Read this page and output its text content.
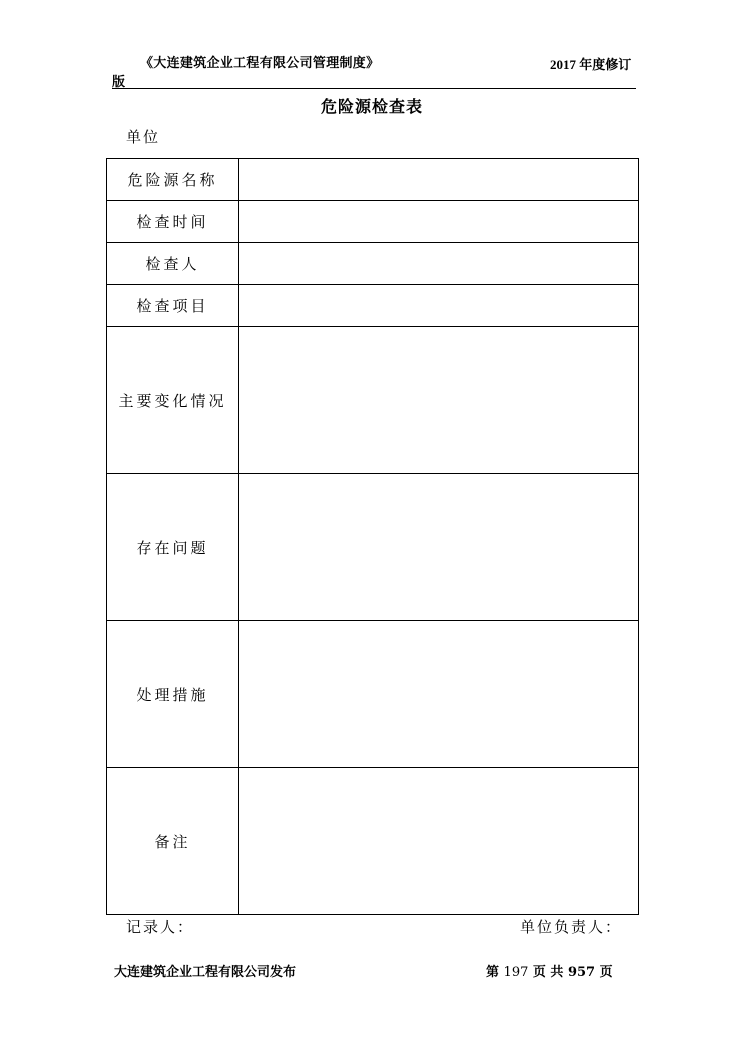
《大连建筑企业工程有限公司管理制度》	2017 年度修订
版
危险源检查表
单位
危险源名称	
检查时间	
检查人	
检查项目	
主要变化情况	
存在问题	
处理措施	
备注	
记录人：	单位负责人：
大连建筑企业工程有限公司发布	第 197 页 共 957 页
